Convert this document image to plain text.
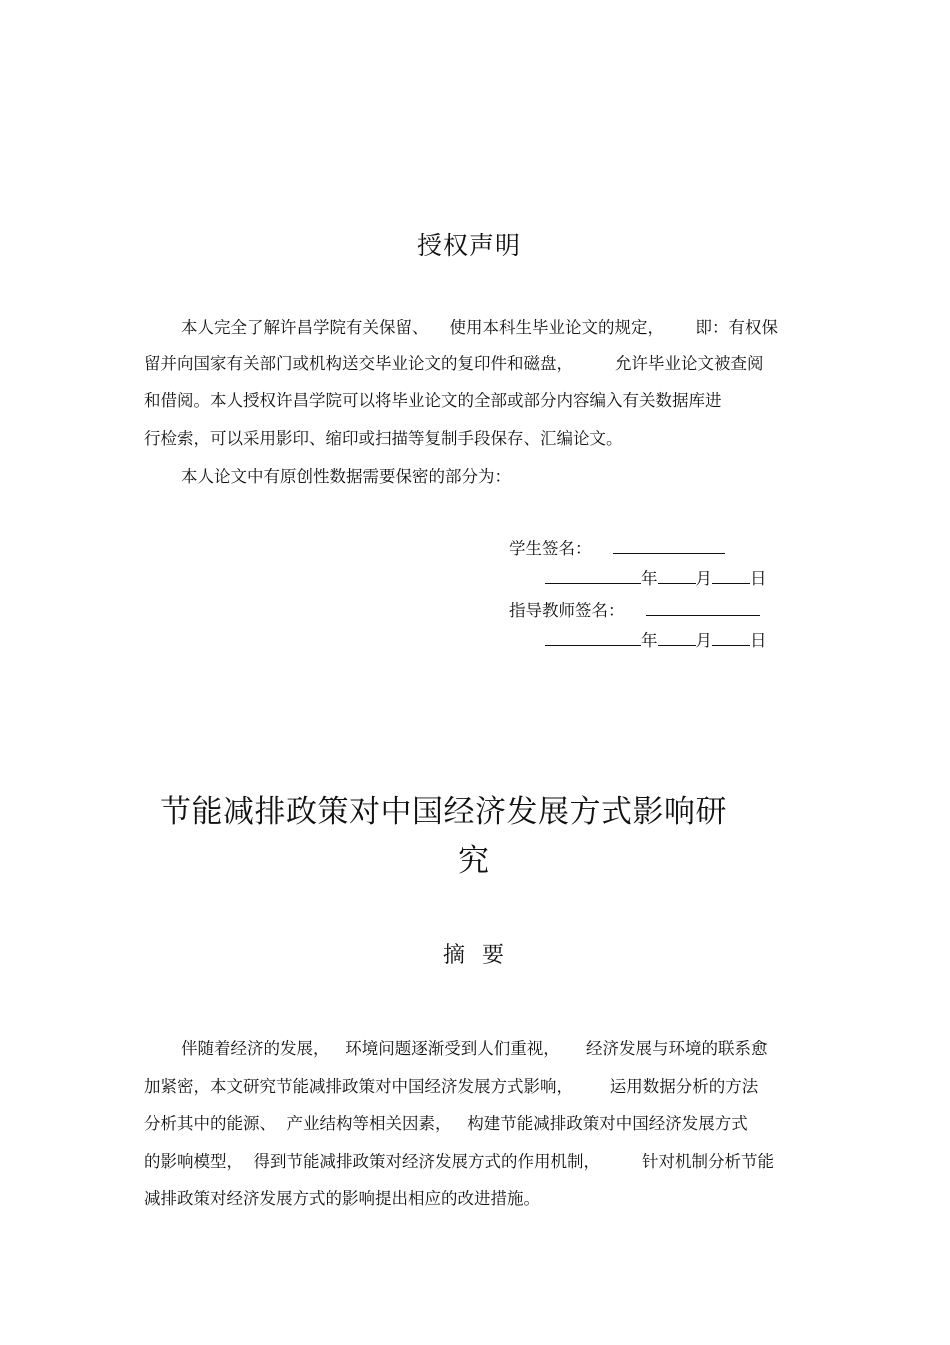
授权声明
本人完全了解许昌学院有关保留、    使用本科生毕业论文的规定，      即：有权保
留并向国家有关部门或机构送交毕业论文的复印件和磁盘，        允许毕业论文被查阅
和借阅。本人授权许昌学院可以将毕业论文的全部或部分内容编入有关数据库进
行检索，可以采用影印、缩印或扫描等复制手段保存、汇编论文。
本人论文中有原创性数据需要保密的部分为：
学生签名：
年 月 日
指导教师签名：
年 月 日
节能减排政策对中国经济发展方式影响研
究
摘  要
伴随着经济的发展，   环境问题逐渐受到人们重视，     经济发展与环境的联系愈
加紧密，本文研究节能减排政策对中国经济发展方式影响，       运用数据分析的方法
分析其中的能源、  产业结构等相关因素，   构建节能减排政策对中国经济发展方式
的影响模型，  得到节能减排政策对经济发展方式的作用机制，        针对机制分析节能
减排政策对经济发展方式的影响提出相应的改进措施。
